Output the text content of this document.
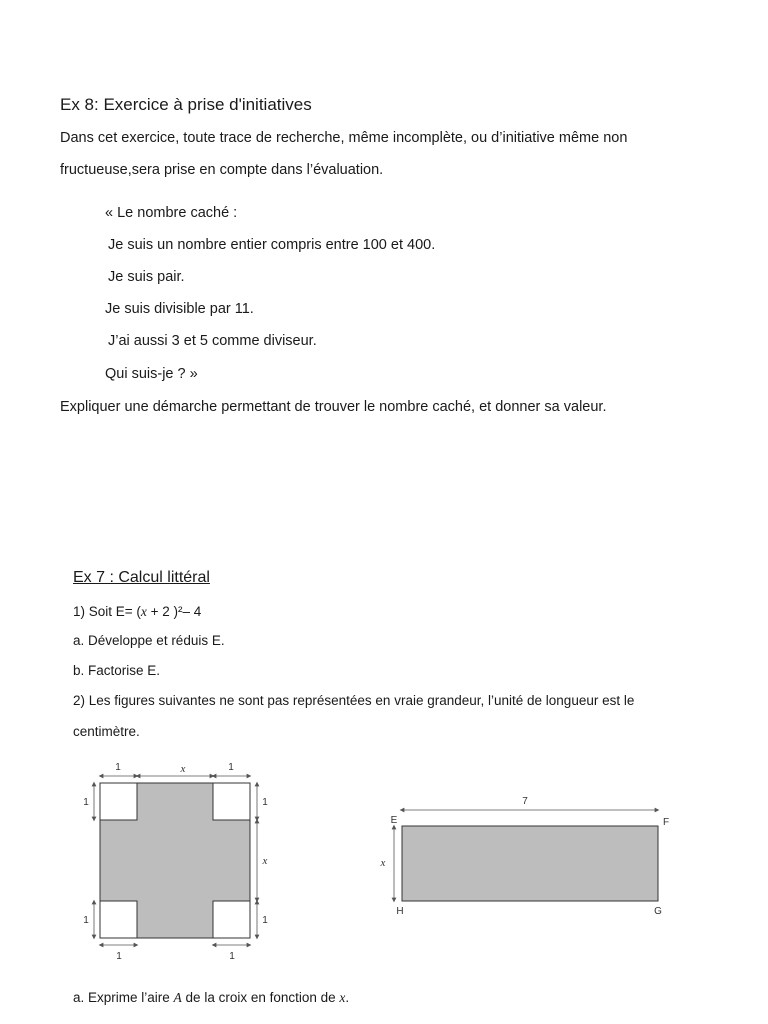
Ex 8: Exercice à prise d'initiatives
Dans cet exercice, toute trace de recherche, même incomplète, ou d’initiative même non
fructueuse,sera prise en compte dans l’évaluation.
« Le nombre caché :
Je suis un nombre entier compris entre 100 et 400.
Je suis pair.
Je suis divisible par 11.
J’ai aussi 3 et 5 comme diviseur.
Qui suis-je ? »
Expliquer une démarche permettant de trouver le nombre caché, et donner sa valeur.
Ex 7 : Calcul littéral
1) Soit E= (x + 2 )²– 4
a. Développe et réduis E.
b. Factorise E.
2) Les figures suivantes ne sont pas représentées en vraie grandeur, l’unité de longueur est le
centimètre.
1	x	1
1
1
1
x
1
1	1
7
x
E	F
G
H
a. Exprime l’aire A de la croix en fonction de x.
